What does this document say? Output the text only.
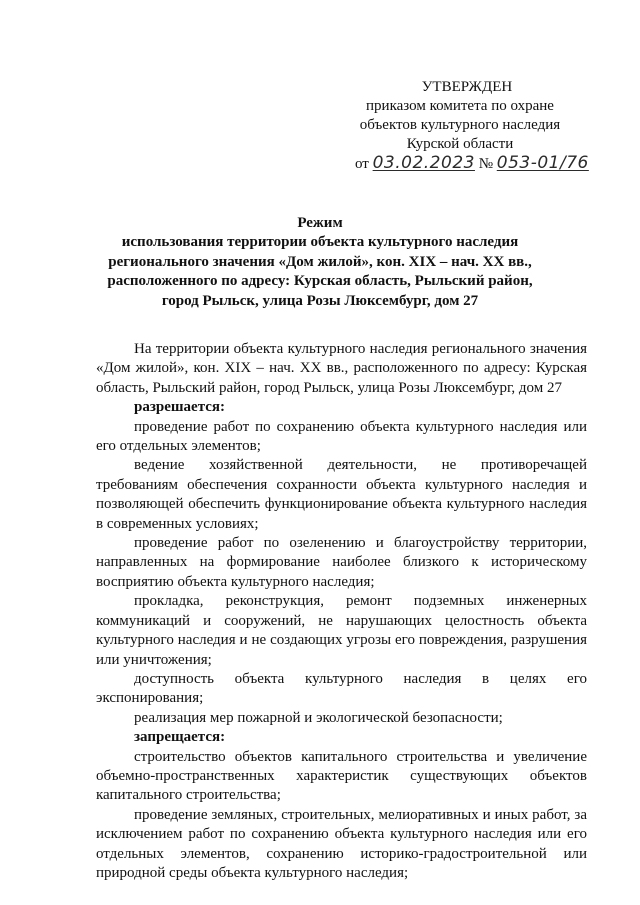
УТВЕРЖДЕН
приказом комитета по охране
объектов культурного наследия
Курской области
от 03.02.2023 № 053-01/76
Режим
использования территории объекта культурного наследия
регионального значения «Дом жилой», кон. XIX – нач. XX вв.,
расположенного по адресу: Курская область, Рыльский район,
город Рыльск, улица Розы Люксембург, дом 27

На территории объекта культурного наследия регионального значения «Дом жилой», кон. XIX – нач. XX вв., расположенного по адресу: Курская область, Рыльский район, город Рыльск, улица Розы Люксембург, дом 27

разрешается:

проведение работ по сохранению объекта культурного наследия или его отдельных элементов;

ведение хозяйственной деятельности, не противоречащей требованиям обеспечения сохранности объекта культурного наследия и позволяющей обеспечить функционирование объекта культурного наследия в современных условиях;

проведение работ по озеленению и благоустройству территории, направленных на формирование наиболее близкого к историческому восприятию объекта культурного наследия;

прокладка, реконструкция, ремонт подземных инженерных коммуникаций и сооружений, не нарушающих целостность объекта культурного наследия и не создающих угрозы его повреждения, разрушения или уничтожения;

доступность объекта культурного наследия в целях его экспонирования;

реализация мер пожарной и экологической безопасности;

запрещается:

строительство объектов капитального строительства и увеличение объемно-пространственных характеристик существующих объектов капитального строительства;

проведение земляных, строительных, мелиоративных и иных работ, за исключением работ по сохранению объекта культурного наследия или его отдельных элементов, сохранению историко-градостроительной или природной среды объекта культурного наследия;
